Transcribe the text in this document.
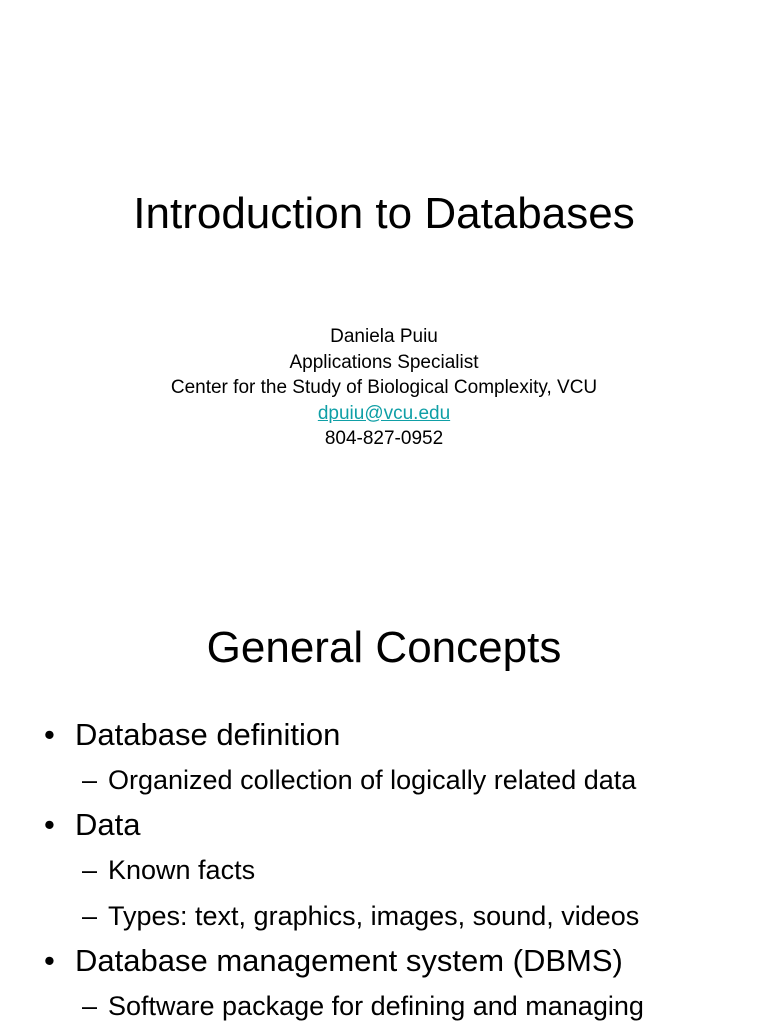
Introduction to Databases
Daniela Puiu
Applications Specialist
Center for the Study of Biological Complexity, VCU
dpuiu@vcu.edu
804-827-0952
General Concepts
• Database definition
– Organized collection of logically related data
• Data
– Known facts
– Types: text, graphics, images, sound, videos
• Database management system (DBMS)
– Software package for defining and managing
